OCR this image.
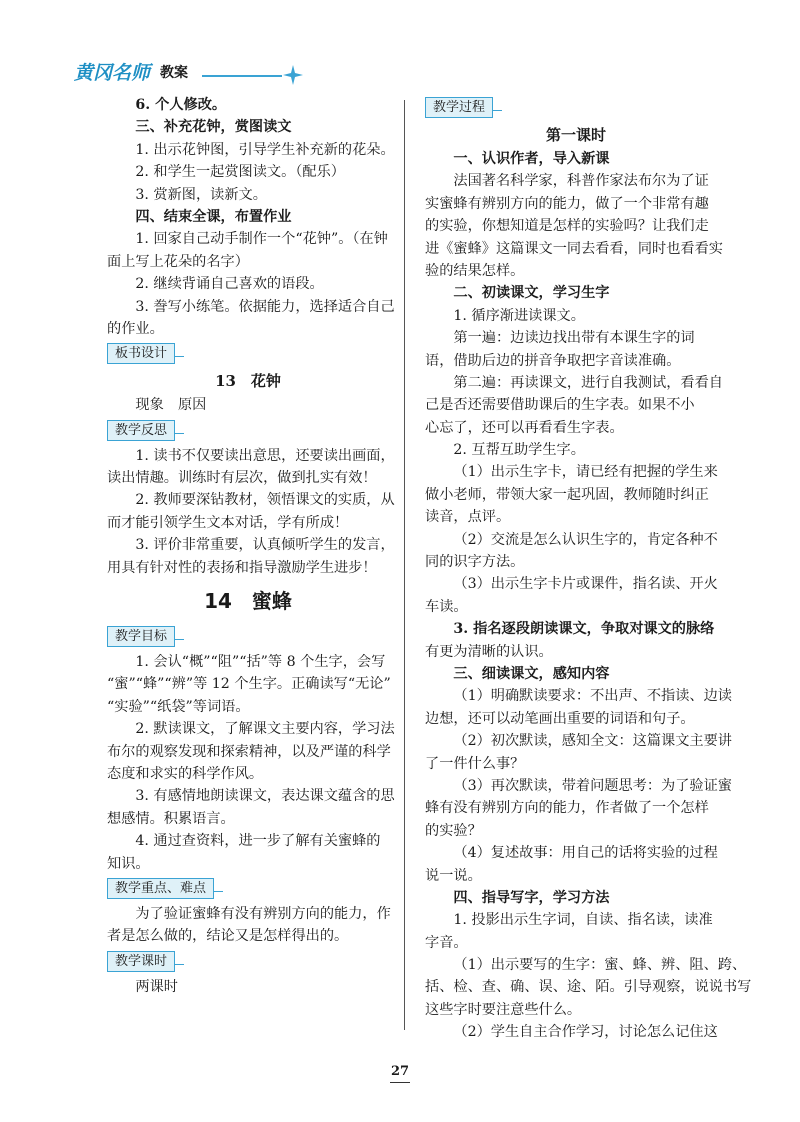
黄冈名师 教案
6. 个人修改。
三、补充花钟，赏图读文
1. 出示花钟图，引导学生补充新的花朵。
2. 和学生一起赏图读文。（配乐）
3. 赏新图，读新文。
四、结束全课，布置作业
1. 回家自己动手制作一个“花钟”。（在钟
面上写上花朵的名字）
2. 继续背诵自己喜欢的语段。
3. 誊写小练笔。依据能力，选择适合自己
的作业。
板书设计
13　花钟
现象　原因
教学反思
1. 读书不仅要读出意思，还要读出画面，
读出情趣。训练时有层次，做到扎实有效！
2. 教师要深钻教材，领悟课文的实质，从
而才能引领学生文本对话，学有所成！
3. 评价非常重要，认真倾听学生的发言，
用具有针对性的表扬和指导激励学生进步！
14　蜜蜂
教学目标
1. 会认“概”“阻”“括”等 8 个生字，会写
“蜜”“蜂”“辨”等 12 个生字。正确读写“无论”
“实验”“纸袋”等词语。
2. 默读课文，了解课文主要内容，学习法
布尔的观察发现和探索精神，以及严谨的科学
态度和求实的科学作风。
3. 有感情地朗读课文，表达课文蕴含的思
想感情。积累语言。
4. 通过查资料，进一步了解有关蜜蜂的
知识。
教学重点、难点
为了验证蜜蜂有没有辨别方向的能力，作
者是怎么做的，结论又是怎样得出的。
教学课时
两课时
教学过程
第一课时
一、认识作者，导入新课
法国著名科学家，科普作家法布尔为了证
实蜜蜂有辨别方向的能力，做了一个非常有趣
的实验，你想知道是怎样的实验吗？让我们走
进《蜜蜂》这篇课文一同去看看，同时也看看实
验的结果怎样。
二、初读课文，学习生字
1. 循序渐进读课文。
第一遍：边读边找出带有本课生字的词
语，借助后边的拼音争取把字音读准确。
第二遍：再读课文，进行自我测试，看看自
己是否还需要借助课后的生字表。如果不小
心忘了，还可以再看看生字表。
2. 互帮互助学生字。
（1）出示生字卡，请已经有把握的学生来
做小老师，带领大家一起巩固，教师随时纠正
读音，点评。
（2）交流是怎么认识生字的，肯定各种不
同的识字方法。
（3）出示生字卡片或课件，指名读、开火
车读。
3. 指名逐段朗读课文，争取对课文的脉络
有更为清晰的认识。
三、细读课文，感知内容
（1）明确默读要求：不出声、不指读、边读
边想，还可以动笔画出重要的词语和句子。
（2）初次默读，感知全文：这篇课文主要讲
了一件什么事？
（3）再次默读，带着问题思考：为了验证蜜
蜂有没有辨别方向的能力，作者做了一个怎样
的实验？
（4）复述故事：用自己的话将实验的过程
说一说。
四、指导写字，学习方法
1. 投影出示生字词，自读、指名读，读准
字音。
（1）出示要写的生字：蜜、蜂、辨、阻、跨、
括、检、查、确、误、途、陌。引导观察，说说书写
这些字时要注意些什么。
（2）学生自主合作学习，讨论怎么记住这
27
